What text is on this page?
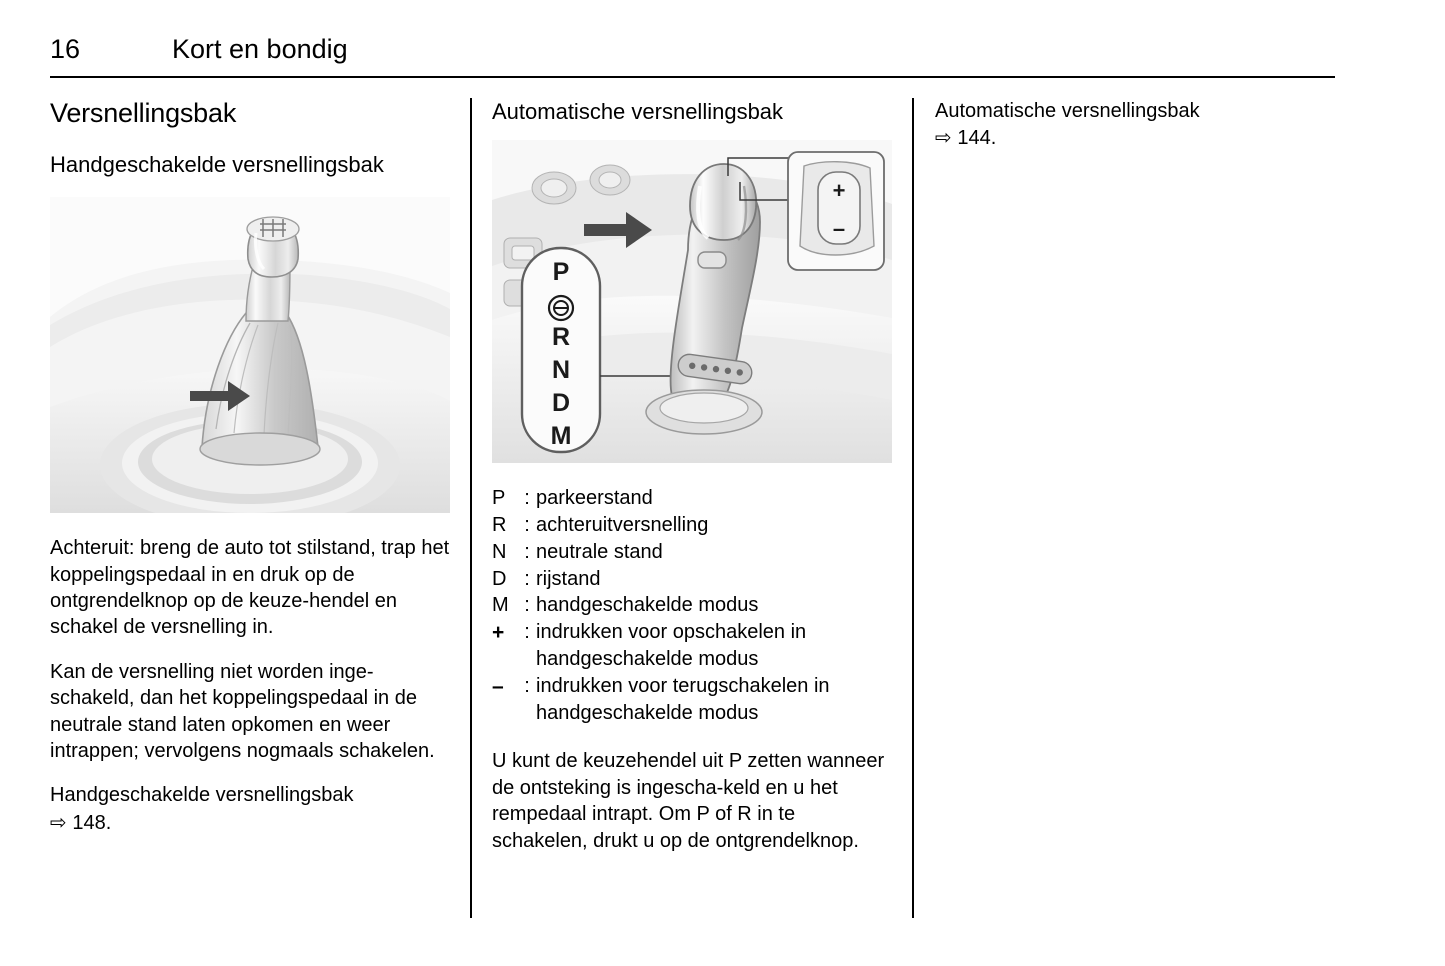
16	Kort en bondig
Versnellingsbak
Handgeschakelde versnellingsbak

Achteruit: breng de auto tot stilstand, trap het koppelingspedaal in en druk op de ontgrendelknop op de keuze-hendel en schakel de versnelling in.

Kan de versnelling niet worden inge-schakeld, dan het koppelingspedaal in de neutrale stand laten opkomen en weer intrappen; vervolgens nogmaals schakelen.

Handgeschakelde versnellingsbak

⇨ 148.

Automatische versnellingsbak
P
R
N
D
M
+
–
P : parkeerstand
R : achteruitversnelling
N : neutrale stand
D : rijstand
M : handgeschakelde modus
+ : indrukken voor opschakelen in handgeschakelde modus
–	: indrukken voor terugschakelen in handgeschakelde modus

U kunt de keuzehendel uit P zetten wanneer de ontsteking is ingescha-keld en u het rempedaal intrapt. Om P of R in te schakelen, drukt u op de ontgrendelknop.

Automatische versnellingsbak

⇨ 144.
